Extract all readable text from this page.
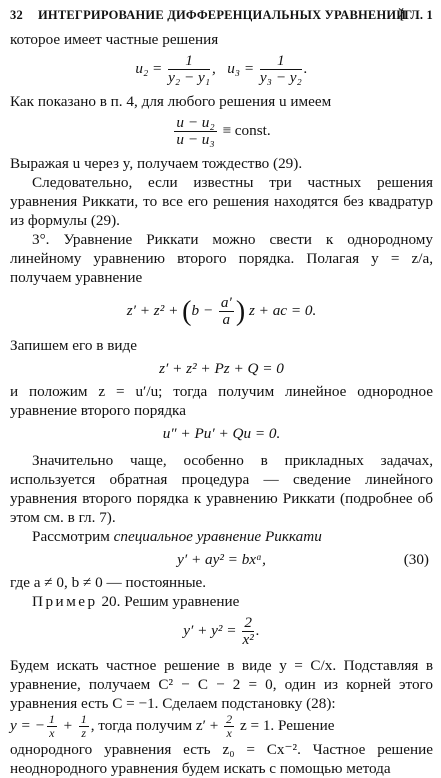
32 ИНТЕГРИРОВАНИЕ ДИФФЕРЕНЦИАЛЬНЫХ УРАВНЕНИЙ
[ГЛ. 1

которое имеет частные решения

$u_2 = \frac{1}{\text{y₂ − y₁}}$ , $u_3 = \frac{1}{\text{y₃ − y₂}}$ .

Как показано в п. 4, для любого решения u имеем

$\frac{\text{u − u₂}}{\text{u − u₃}}$ ≡ const.

Выражая u через y, получаем тождество (29).

Следовательно, если известны три частных решения уравнения Риккати, то все его решения находятся без квадратур из формулы (29).

3°. Уравнение Риккати можно свести к однородному линейному уравнению второго порядка. Полагая y = z/a, получаем уравнение

$z' + z^2 + (b - \frac{a'}{a}$ ) z + ac = 0.

Запишем его в виде

z′ + z² + Pz + Q = 0

и положим z = u′/u; тогда получим линейное однородное уравнение второго порядка

u″ + Pu′ + Qu = 0.

Значительно чаще, особенно в прикладных задачах, используется обратная процедура — сведение линейного уравнения второго порядка к уравнению Риккати (подробнее об этом см. в гл. 7).

Рассмотрим специальное уравнение Риккати

y′ + ay² = bxᵅ,	(30)

где a ≠ 0, b ≠ 0 — постоянные.

Пример 20. Решим уравнение

$y' + y^2 = \frac{2}{\text{x²}}$ .

Будем искать частное решение в виде y = C/x. Подставляя в уравнение, получаем C² − C − 2 = 0, один из корней этого уравнения есть C = −1. Сделаем подстановку (28):

y = − $\frac{1}{x} + \frac{1}{z}$ , тогда получим $z' + \frac{2}{x}$ z = 1. Решение

однородного уравнения есть z₀ = Cx⁻². Частное решение неоднородного уравнения будем искать с помощью метода
